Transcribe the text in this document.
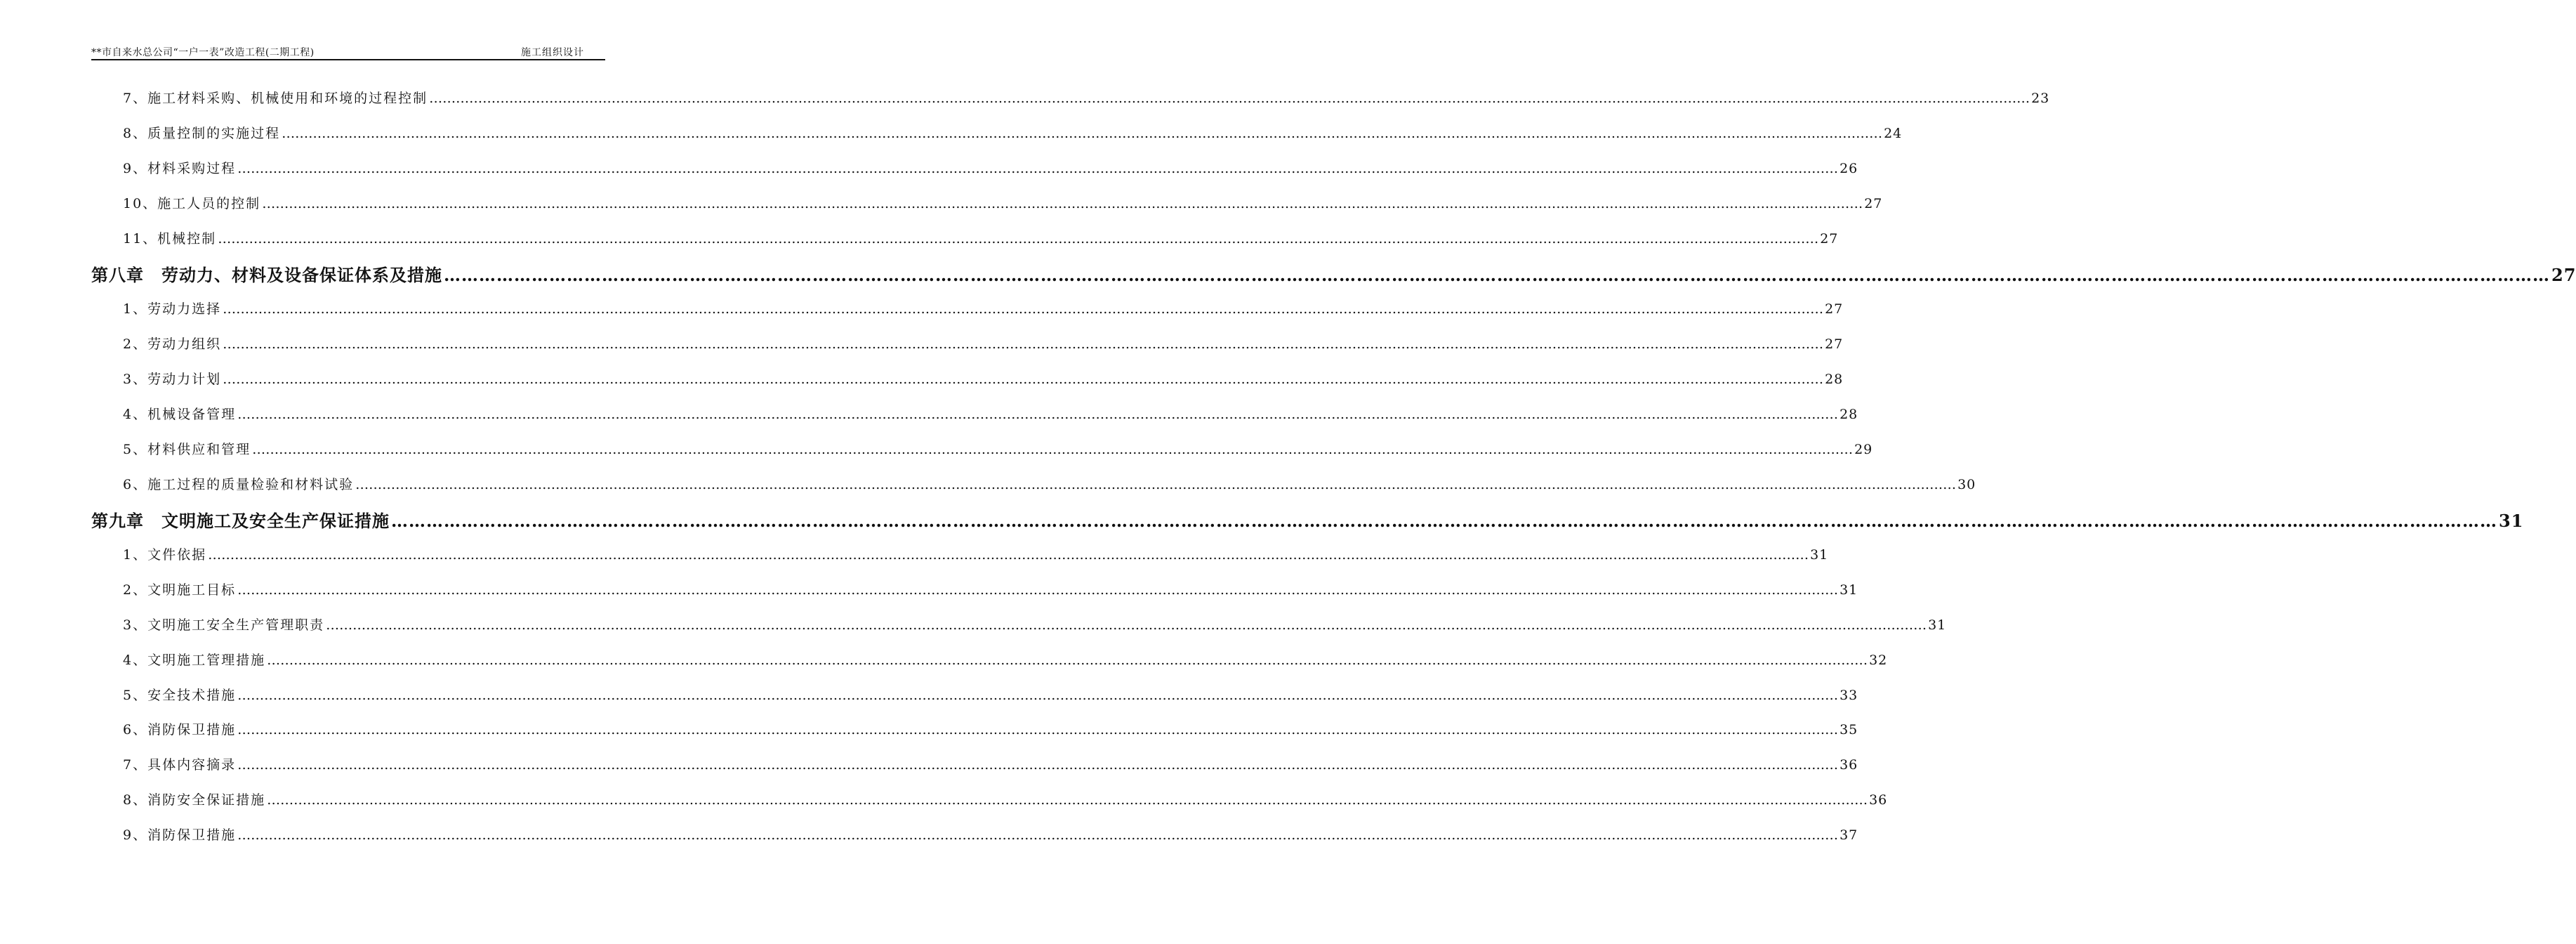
**市自来水总公司“一户一表”改造工程(二期工程)	施工组织设计
7、施工材料采购、机械使用和环境的过程控制 ……………………………………………………………………………………………………………………………………………………………………………………………………………………………………………………………………………………………………………………………… 23
8、质量控制的实施过程 ……………………………………………………………………………………………………………………………………………………………………………………………………………………………………………………………………………………………………………………………… 24
9、材料采购过程 ……………………………………………………………………………………………………………………………………………………………………………………………………………………………………………………………………………………………………………………………… 26
10、施工人员的控制 ……………………………………………………………………………………………………………………………………………………………………………………………………………………………………………………………………………………………………………………………… 27
11、机械控制 ……………………………………………………………………………………………………………………………………………………………………………………………………………………………………………………………………………………………………………………………… 27
第八章　劳动力、材料及设备保证体系及措施 ……………………………………………………………………………………………………………………………………………………………………………………………………………………………………………………………………………………………………………………………… 27
1、劳动力选择 ……………………………………………………………………………………………………………………………………………………………………………………………………………………………………………………………………………………………………………………………… 27
2、劳动力组织 ……………………………………………………………………………………………………………………………………………………………………………………………………………………………………………………………………………………………………………………………… 27
3、劳动力计划 ……………………………………………………………………………………………………………………………………………………………………………………………………………………………………………………………………………………………………………………………… 28
4、机械设备管理 ……………………………………………………………………………………………………………………………………………………………………………………………………………………………………………………………………………………………………………………………… 28
5、材料供应和管理 ……………………………………………………………………………………………………………………………………………………………………………………………………………………………………………………………………………………………………………………………… 29
6、施工过程的质量检验和材料试验 ……………………………………………………………………………………………………………………………………………………………………………………………………………………………………………………………………………………………………………………………… 30
第九章　文明施工及安全生产保证措施 ……………………………………………………………………………………………………………………………………………………………………………………………………………………………………………………………………………………………………………………………… 31
1、文件依据 ……………………………………………………………………………………………………………………………………………………………………………………………………………………………………………………………………………………………………………………………… 31
2、文明施工目标 ……………………………………………………………………………………………………………………………………………………………………………………………………………………………………………………………………………………………………………………………… 31
3、文明施工安全生产管理职责 ……………………………………………………………………………………………………………………………………………………………………………………………………………………………………………………………………………………………………………………………… 31
4、文明施工管理措施 ……………………………………………………………………………………………………………………………………………………………………………………………………………………………………………………………………………………………………………………………… 32
5、安全技术措施 ……………………………………………………………………………………………………………………………………………………………………………………………………………………………………………………………………………………………………………………………… 33
6、消防保卫措施 ……………………………………………………………………………………………………………………………………………………………………………………………………………………………………………………………………………………………………………………………… 35
7、具体内容摘录 ……………………………………………………………………………………………………………………………………………………………………………………………………………………………………………………………………………………………………………………………… 36
8、消防安全保证措施 ……………………………………………………………………………………………………………………………………………………………………………………………………………………………………………………………………………………………………………………………… 36
9、消防保卫措施 ……………………………………………………………………………………………………………………………………………………………………………………………………………………………………………………………………………………………………………………………… 37
